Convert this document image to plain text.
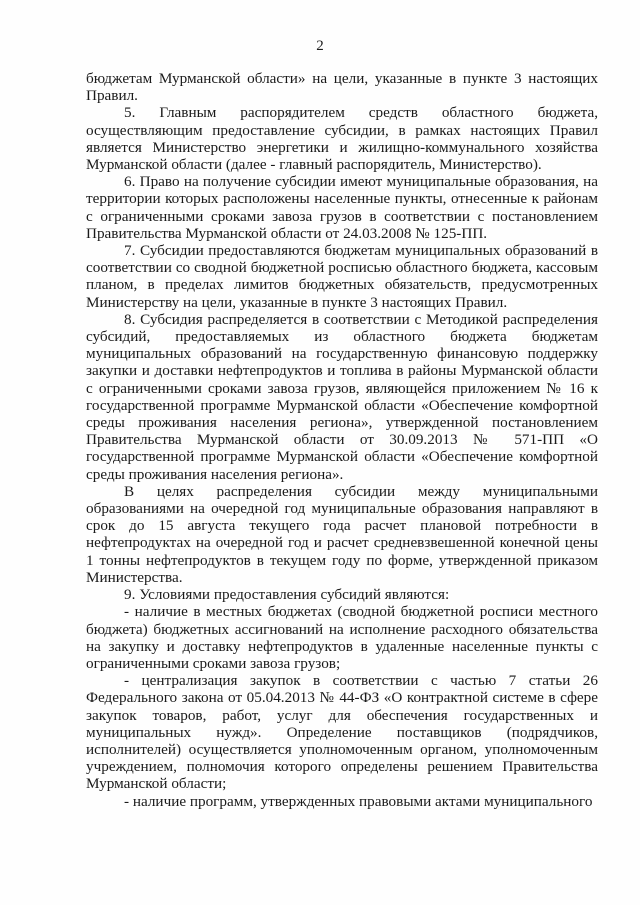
2

бюджетам Мурманской области» на цели, указанные в пункте 3 настоящих Правил.

5. Главным распорядителем средств областного бюджета, осуществляющим предоставление субсидии, в рамках настоящих Правил является Министерство энергетики и жилищно-коммунального хозяйства Мурманской области (далее - главный распорядитель, Министерство).

6. Право на получение субсидии имеют муниципальные образования, на территории которых расположены населенные пункты, отнесенные к районам с ограниченными сроками завоза грузов в соответствии с постановлением Правительства Мурманской области от 24.03.2008 № 125-ПП.

7. Субсидии предоставляются бюджетам муниципальных образований в соответствии со сводной бюджетной росписью областного бюджета, кассовым планом, в пределах лимитов бюджетных обязательств, предусмотренных Министерству на цели, указанные в пункте 3 настоящих Правил.

8. Субсидия распределяется в соответствии с Методикой распределения субсидий, предоставляемых из областного бюджета бюджетам муниципальных образований на государственную финансовую поддержку закупки и доставки нефтепродуктов и топлива в районы Мурманской области с ограниченными сроками завоза грузов, являющейся приложением № 16 к государственной программе Мурманской области «Обеспечение комфортной среды проживания населения региона», утвержденной постановлением Правительства Мурманской области от 30.09.2013 № 571-ПП «О государственной программе Мурманской области «Обеспечение комфортной среды проживания населения региона».

В целях распределения субсидии между муниципальными образованиями на очередной год муниципальные образования направляют в срок до 15 августа текущего года расчет плановой потребности в нефтепродуктах на очередной год и расчет средневзвешенной конечной цены 1 тонны нефтепродуктов в текущем году по форме, утвержденной приказом Министерства.

9. Условиями предоставления субсидий являются:

- наличие в местных бюджетах (сводной бюджетной росписи местного бюджета) бюджетных ассигнований на исполнение расходного обязательства на закупку и доставку нефтепродуктов в удаленные населенные пункты с ограниченными сроками завоза грузов;

- централизация закупок в соответствии с частью 7 статьи 26 Федерального закона от 05.04.2013 № 44-ФЗ «О контрактной системе в сфере закупок товаров, работ, услуг для обеспечения государственных и муниципальных нужд». Определение поставщиков (подрядчиков, исполнителей) осуществляется уполномоченным органом, уполномоченным учреждением, полномочия которого определены решением Правительства Мурманской области;

- наличие программ, утвержденных правовыми актами муниципального
